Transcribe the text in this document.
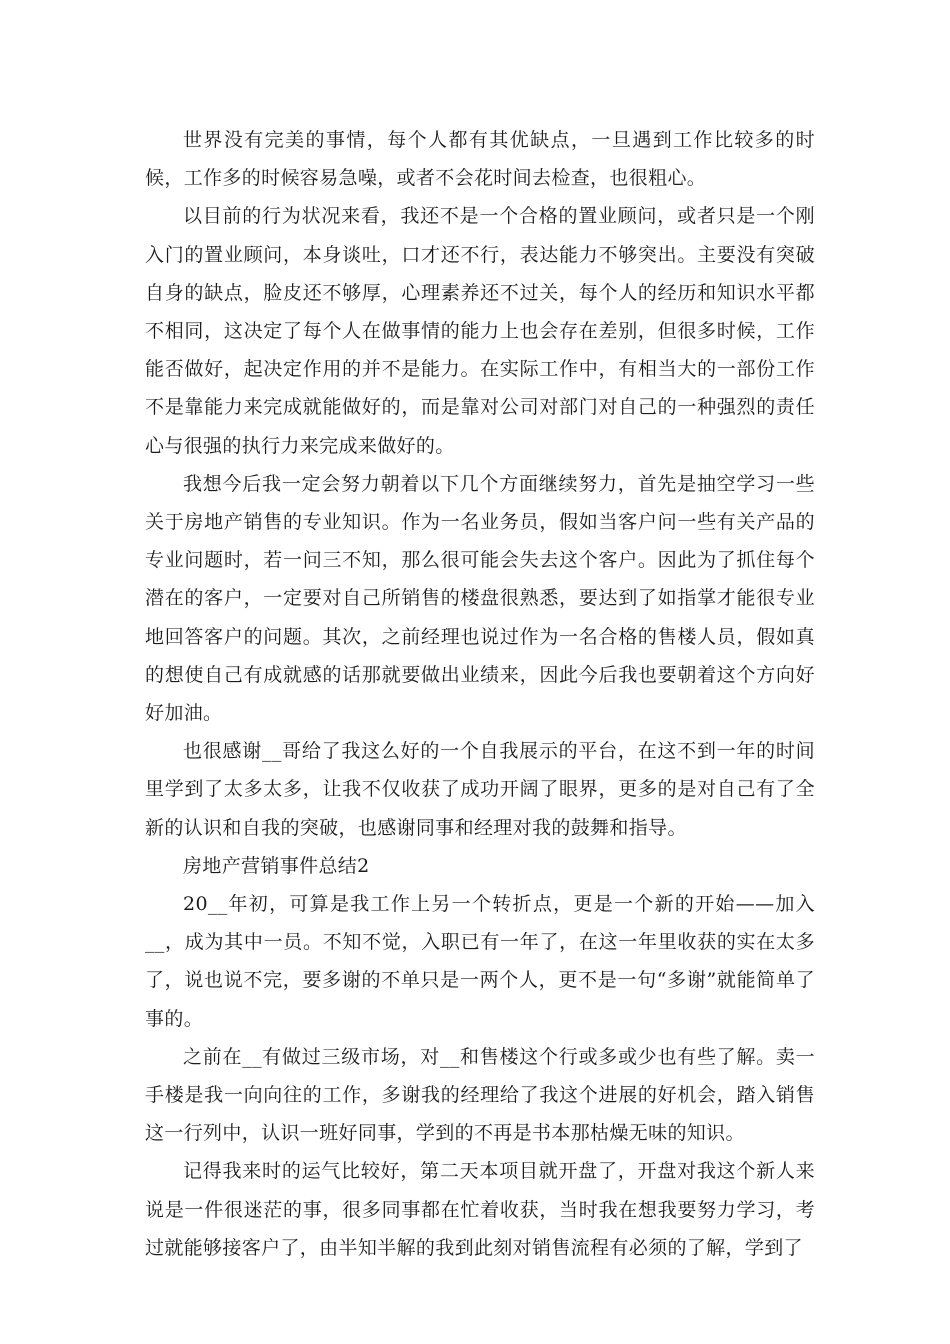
世界没有完美的事情，每个人都有其优缺点，一旦遇到工作比较多的时候，工作多的时候容易急噪，或者不会花时间去检查，也很粗心。

以目前的行为状况来看，我还不是一个合格的置业顾问，或者只是一个刚入门的置业顾问，本身谈吐，口才还不行，表达能力不够突出。主要没有突破自身的缺点，脸皮还不够厚，心理素养还不过关，每个人的经历和知识水平都不相同，这决定了每个人在做事情的能力上也会存在差别，但很多时候，工作能否做好，起决定作用的并不是能力。在实际工作中，有相当大的一部份工作不是靠能力来完成就能做好的，而是靠对公司对部门对自己的一种强烈的责任心与很强的执行力来完成来做好的。

我想今后我一定会努力朝着以下几个方面继续努力，首先是抽空学习一些关于房地产销售的专业知识。作为一名业务员，假如当客户问一些有关产品的专业问题时，若一问三不知，那么很可能会失去这个客户。因此为了抓住每个潜在的客户，一定要对自己所销售的楼盘很熟悉，要达到了如指掌才能很专业地回答客户的问题。其次，之前经理也说过作为一名合格的售楼人员，假如真的想使自己有成就感的话那就要做出业绩来，因此今后我也要朝着这个方向好好加油。

也很感谢__哥给了我这么好的一个自我展示的平台，在这不到一年的时间里学到了太多太多，让我不仅收获了成功开阔了眼界，更多的是对自己有了全新的认识和自我的突破，也感谢同事和经理对我的鼓舞和指导。

房地产营销事件总结2

20__年初，可算是我工作上另一个转折点，更是一个新的开始——加入__，成为其中一员。不知不觉，入职已有一年了，在这一年里收获的实在太多了，说也说不完，要多谢的不单只是一两个人，更不是一句“多谢”就能简单了事的。

之前在__有做过三级市场，对__和售楼这个行或多或少也有些了解。卖一手楼是我一向向往的工作，多谢我的经理给了我这个进展的好机会，踏入销售这一行列中，认识一班好同事，学到的不再是书本那枯燥无味的知识。

记得我来时的运气比较好，第二天本项目就开盘了，开盘对我这个新人来说是一件很迷茫的事，很多同事都在忙着收获，当时我在想我要努力学习，考过就能够接客户了，由半知半解的我到此刻对销售流程有必须的了解，学到了
